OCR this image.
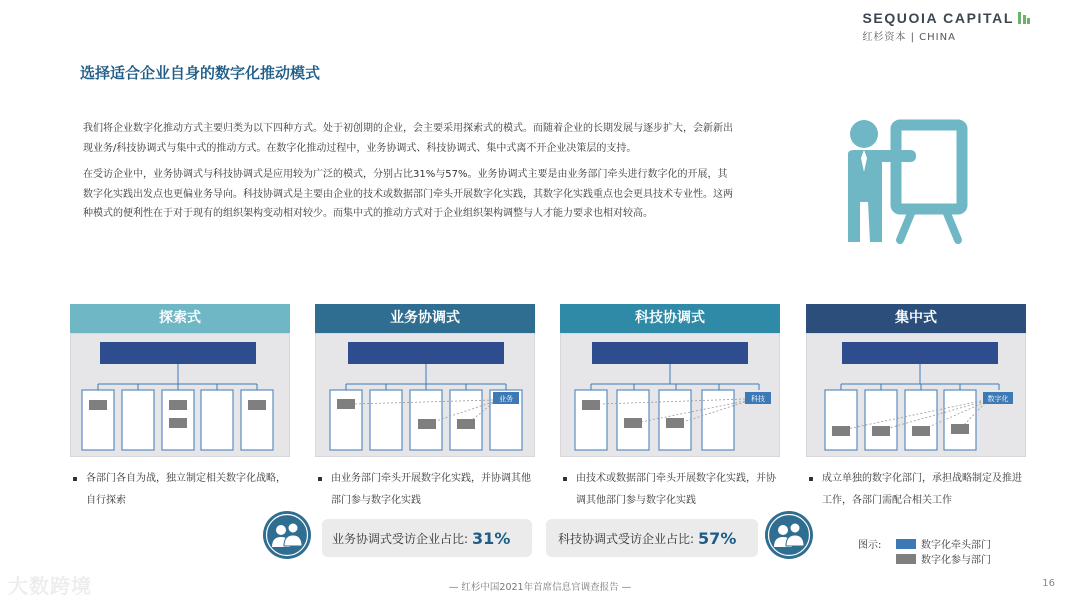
SEQUOIA CAPITAL
红杉资本 | CHINA
选择适合企业自身的数字化推动模式

我们将企业数字化推动方式主要归类为以下四种方式。处于初创期的企业，会主要采用探索式的模式。而随着企业的长期发展与逐步扩大，会新新出现业务/科技协调式与集中式的推动方式。在数字化推动过程中，业务协调式、科技协调式、集中式离不开企业决策层的支持。

在受访企业中，业务协调式与科技协调式是应用较为广泛的模式，分别占比31%与57%。业务协调式主要是由业务部门牵头进行数字化的开展，其数字化实践出发点也更偏业务导向。科技协调式是主要由企业的技术或数据部门牵头开展数字化实践，其数字化实践重点也会更具技术专业性。这两种模式的便利性在于对于现有的组织架构变动相对较少。而集中式的推动方式对于企业组织架构调整与人才能力要求也相对较高。

探索式
各部门各自为战，独立制定相关数字化战略，自行探索
业务协调式
业务
由业务部门牵头开展数字化实践，并协调其他部门参与数字化实践
科技协调式
科技
由技术或数据部门牵头开展数字化实践，并协调其他部门参与数字化实践
集中式
数字化
成立单独的数字化部门，承担战略制定及推进工作，各部门需配合相关工作
业务协调式受访企业占比: 31%	科技协调式受访企业占比: 57%	图示:	数字化牵头部门
数字化参与部门
大数跨境	— 红杉中国2021年首席信息官调查报告 —	16
